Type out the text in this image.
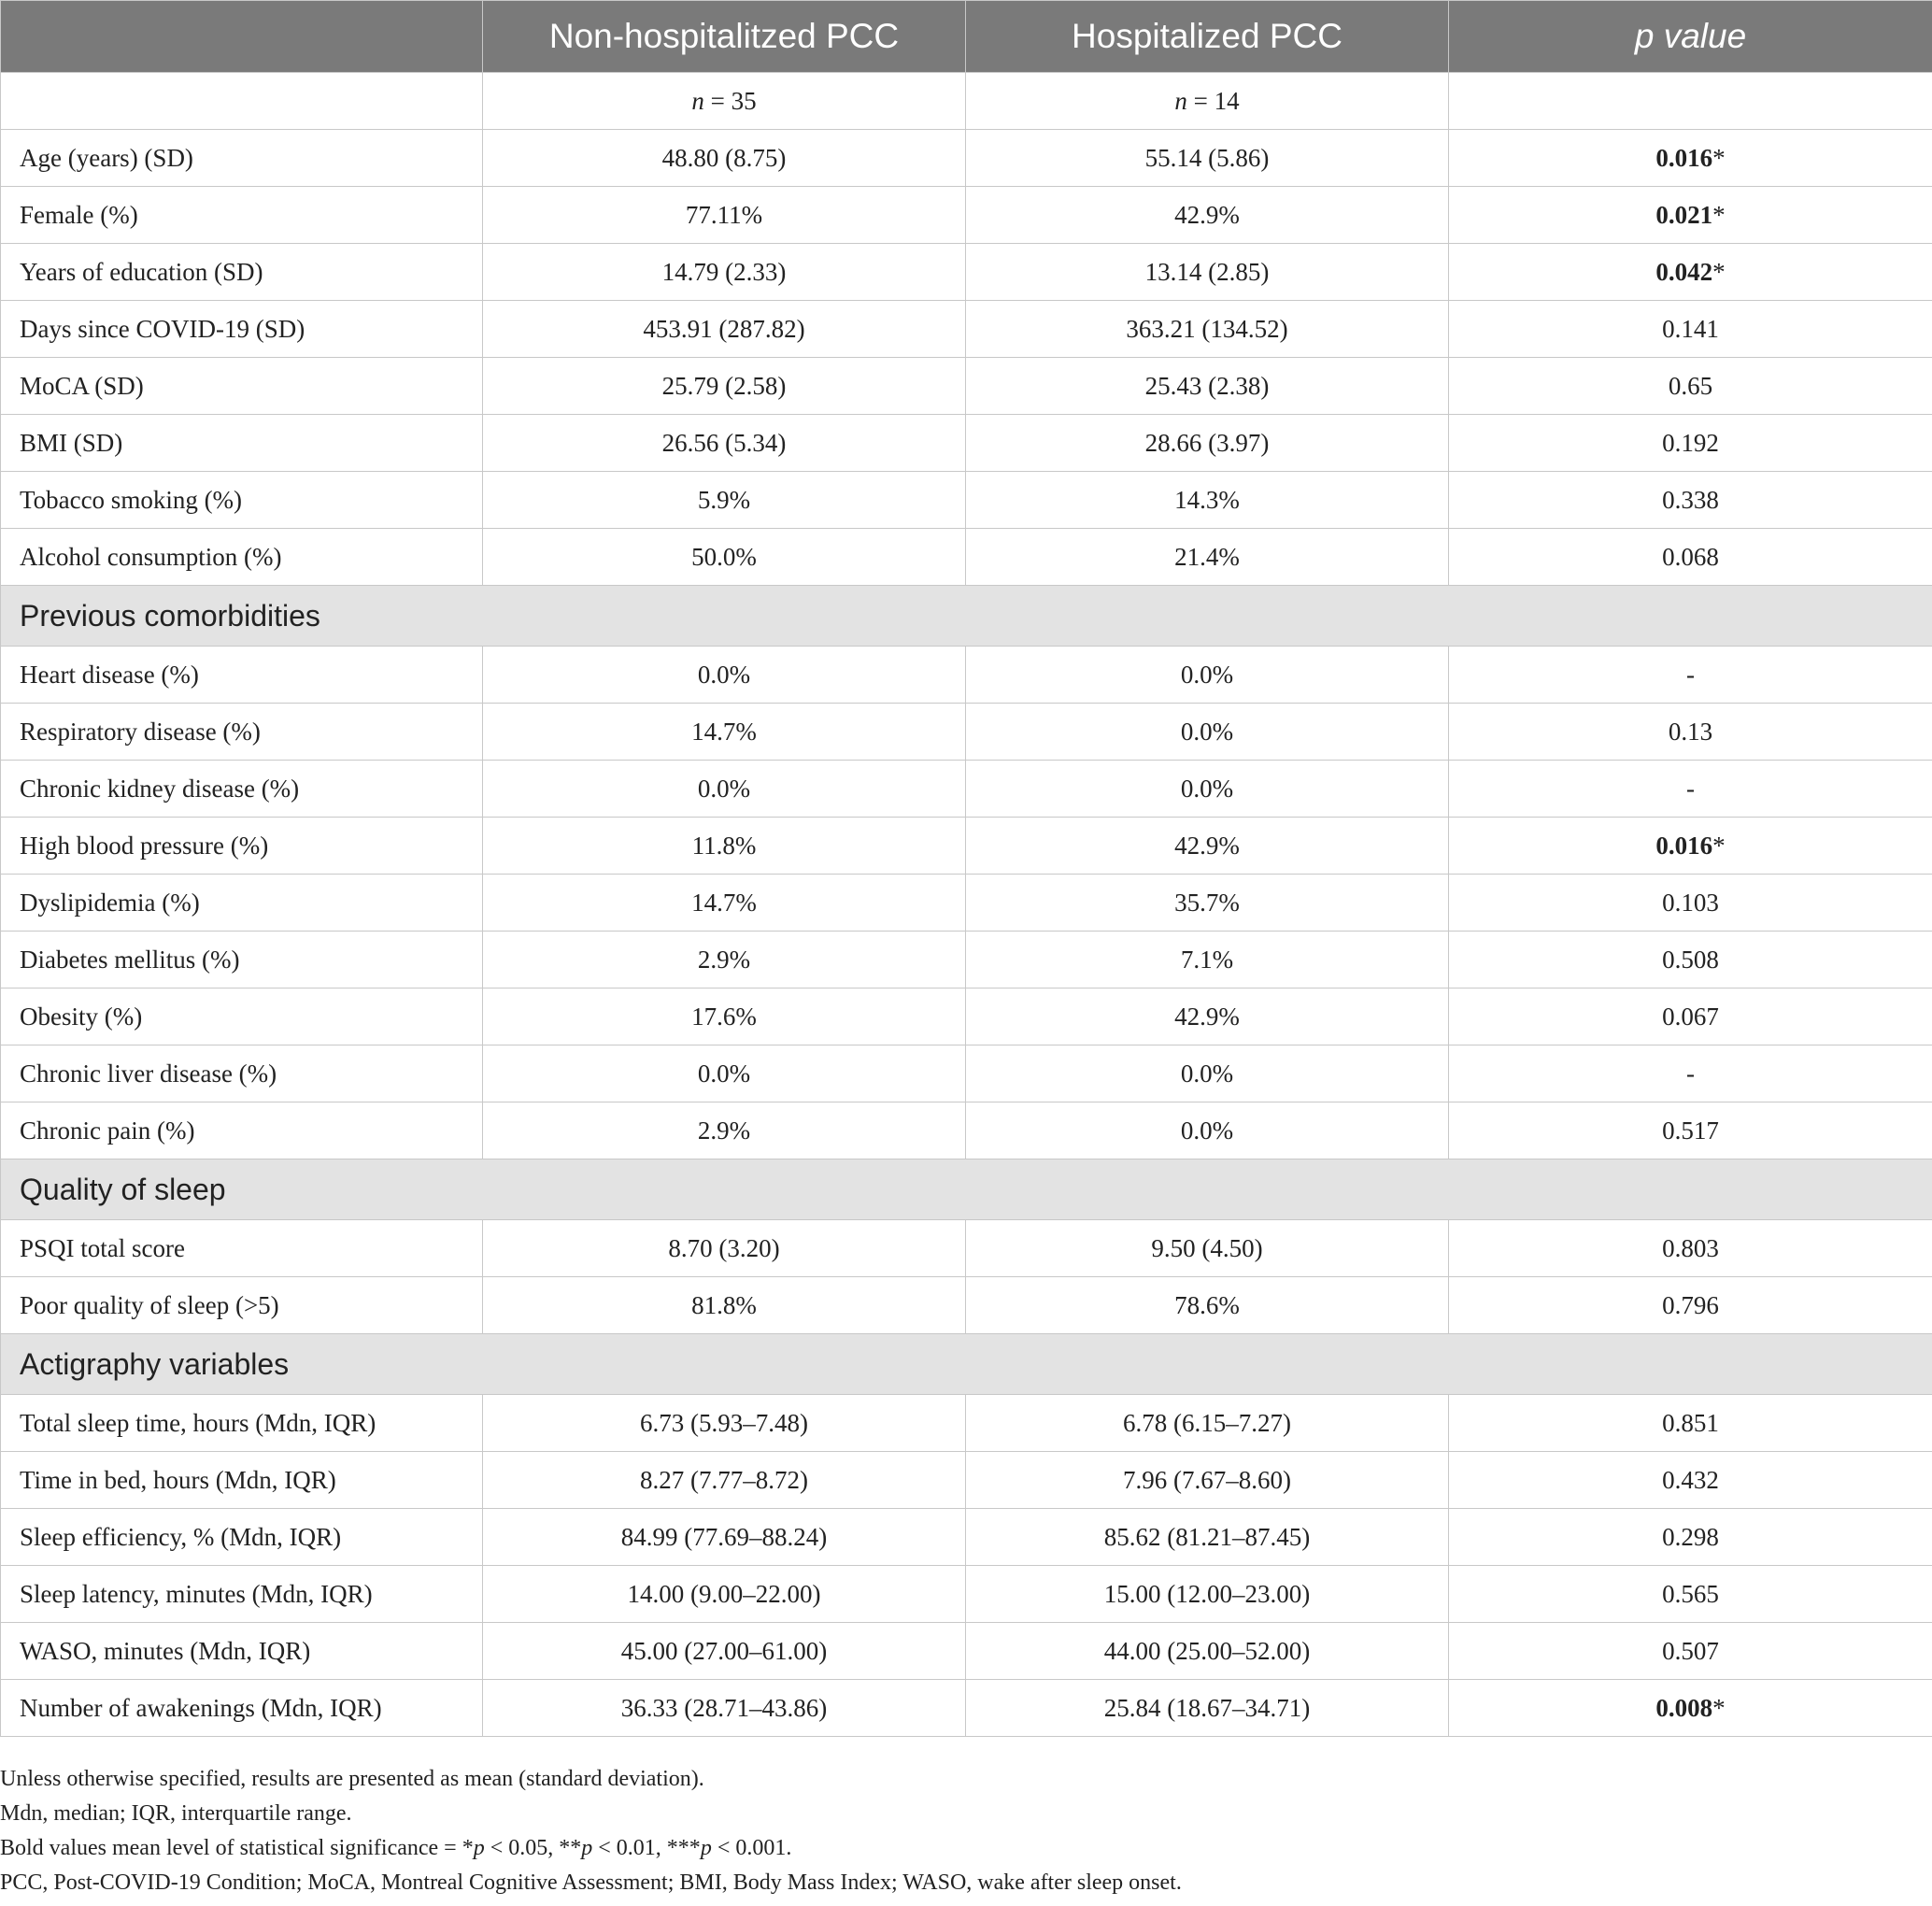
	Non-hospitalitzed PCC	Hospitalized PCC	p value
	n = 35	n = 14	
Age (years) (SD)	48.80 (8.75)	55.14 (5.86)	0.016*
Female (%)	77.11%	42.9%	0.021*
Years of education (SD)	14.79 (2.33)	13.14 (2.85)	0.042*
Days since COVID-19 (SD)	453.91 (287.82)	363.21 (134.52)	0.141
MoCA (SD)	25.79 (2.58)	25.43 (2.38)	0.65
BMI (SD)	26.56 (5.34)	28.66 (3.97)	0.192
Tobacco smoking (%)	5.9%	14.3%	0.338
Alcohol consumption (%)	50.0%	21.4%	0.068
Previous comorbidities			
Heart disease (%)	0.0%	0.0%	-
Respiratory disease (%)	14.7%	0.0%	0.13
Chronic kidney disease (%)	0.0%	0.0%	-
High blood pressure (%)	11.8%	42.9%	0.016*
Dyslipidemia (%)	14.7%	35.7%	0.103
Diabetes mellitus (%)	2.9%	7.1%	0.508
Obesity (%)	17.6%	42.9%	0.067
Chronic liver disease (%)	0.0%	0.0%	-
Chronic pain (%)	2.9%	0.0%	0.517
Quality of sleep			
PSQI total score	8.70 (3.20)	9.50 (4.50)	0.803
Poor quality of sleep (>5)	81.8%	78.6%	0.796
Actigraphy variables			
Total sleep time, hours (Mdn, IQR)	6.73 (5.93–7.48)	6.78 (6.15–7.27)	0.851
Time in bed, hours (Mdn, IQR)	8.27 (7.77–8.72)	7.96 (7.67–8.60)	0.432
Sleep efficiency, % (Mdn, IQR)	84.99 (77.69–88.24)	85.62 (81.21–87.45)	0.298
Sleep latency, minutes (Mdn, IQR)	14.00 (9.00–22.00)	15.00 (12.00–23.00)	0.565
WASO, minutes (Mdn, IQR)	45.00 (27.00–61.00)	44.00 (25.00–52.00)	0.507
Number of awakenings (Mdn, IQR)	36.33 (28.71–43.86)	25.84 (18.67–34.71)	0.008*
Unless otherwise specified, results are presented as mean (standard deviation).
Mdn, median; IQR, interquartile range.
Bold values mean level of statistical significance = *p < 0.05, **p < 0.01, ***p < 0.001.
PCC, Post-COVID-19 Condition; MoCA, Montreal Cognitive Assessment; BMI, Body Mass Index; WASO, wake after sleep onset.
